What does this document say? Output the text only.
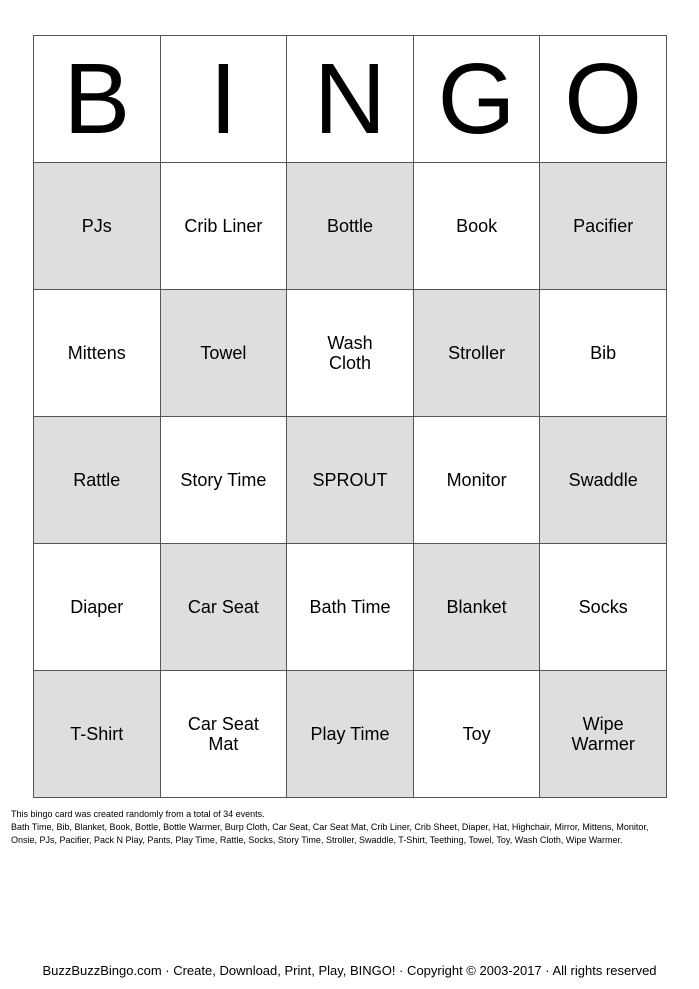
B	I	N	G	O
PJs	Crib Liner	Bottle	Book	Pacifier
Mittens	Towel	Wash Cloth	Stroller	Bib
Rattle	Story Time	SPROUT	Monitor	Swaddle
Diaper	Car Seat	Bath Time	Blanket	Socks
T-Shirt	Car Seat Mat	Play Time	Toy	Wipe Warmer
This bingo card was created randomly from a total of 34 events.
Bath Time, Bib, Blanket, Book, Bottle, Bottle Warmer, Burp Cloth, Car Seat, Car Seat Mat, Crib Liner, Crib Sheet, Diaper, Hat, Highchair, Mirror, Mittens, Monitor,
Onsie, PJs, Pacifier, Pack N Play, Pants, Play Time, Rattle, Socks, Story Time, Stroller, Swaddle, T-Shirt, Teething, Towel, Toy, Wash Cloth, Wipe Warmer.
BuzzBuzzBingo.com · Create, Download, Print, Play, BINGO! · Copyright © 2003-2017 · All rights reserved
